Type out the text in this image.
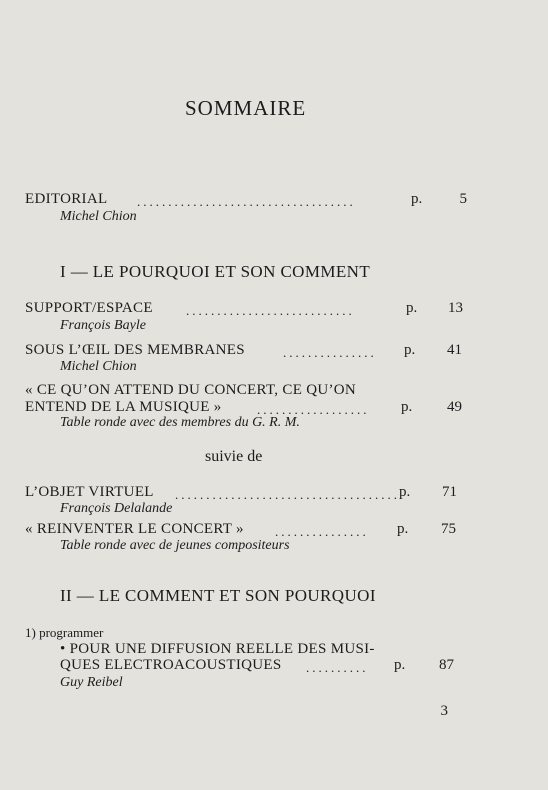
SOMMAIRE
EDITORIAL ...................................	p.	5
Michel Chion
I — LE POURQUOI ET SON COMMENT
SUPPORT/ESPACE	...........................	p.	13
François Bayle
SOUS L’ŒIL DES MEMBRANES	............... p.	41
Michel Chion
« CE QU’ON ATTEND DU CONCERT, CE QU’ON
ENTEND DE LA MUSIQUE »	.................. p.	49
Table ronde avec des membres du G. R. M.
suivie de
L’OBJET VIRTUEL .................................... p.	71
François Delalande
« REINVENTER LE CONCERT » ............... p.	75
Table ronde avec de jeunes compositeurs
II — LE COMMENT ET SON POURQUOI
1) programmer
• POUR UNE DIFFUSION REELLE DES MUSI-
QUES ELECTROACOUSTIQUES .......... p.	87
Guy Reibel
3
